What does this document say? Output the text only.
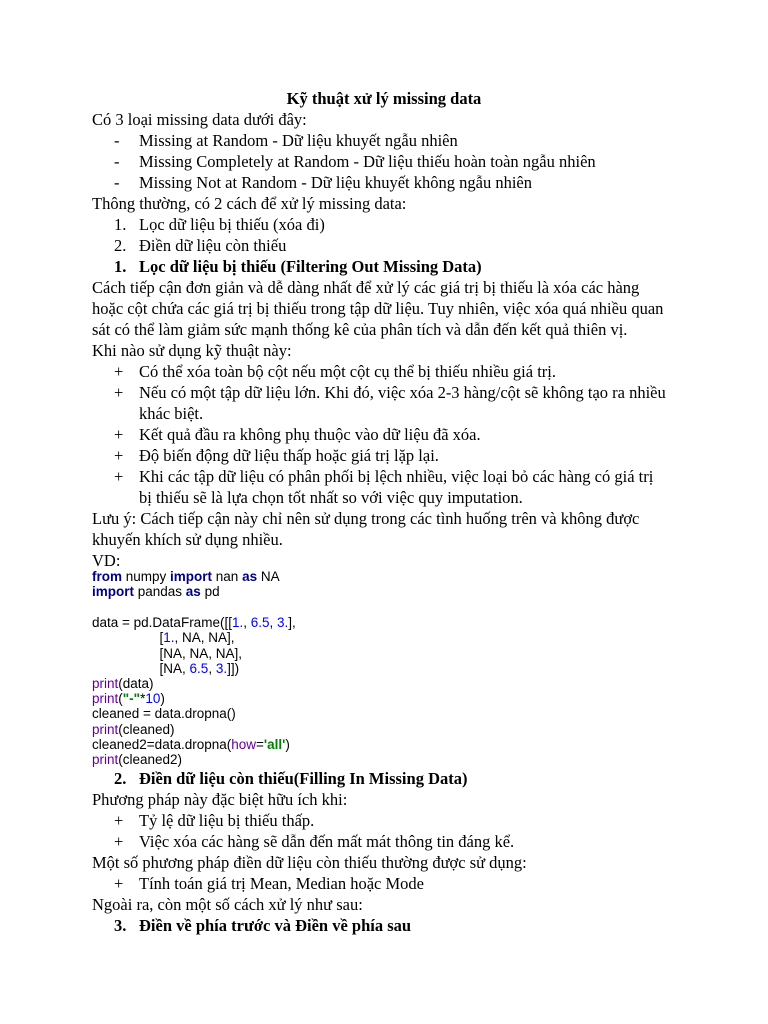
Kỹ thuật xử lý missing data
Có 3 loại missing data dưới đây:
-	Missing at Random - Dữ liệu khuyết ngẫu nhiên
-	Missing Completely at Random - Dữ liệu thiếu hoàn toàn ngẫu nhiên
-	Missing Not at Random - Dữ liệu khuyết không ngẫu nhiên
Thông thường, có 2 cách để xử lý missing data:
1. Lọc dữ liệu bị thiếu (xóa đi)
2. Điền dữ liệu còn thiếu
1. Lọc dữ liệu bị thiếu (Filtering Out Missing Data)
Cách tiếp cận đơn giản và dễ dàng nhất để xử lý các giá trị bị thiếu là xóa các hàng
hoặc cột chứa các giá trị bị thiếu trong tập dữ liệu. Tuy nhiên, việc xóa quá nhiều quan
sát có thể làm giảm sức mạnh thống kê của phân tích và dẫn đến kết quả thiên vị.
Khi nào sử dụng kỹ thuật này:
+ Có thể xóa toàn bộ cột nếu một cột cụ thể bị thiếu nhiều giá trị.
+ Nếu có một tập dữ liệu lớn. Khi đó, việc xóa 2-3 hàng/cột sẽ không tạo ra nhiều
khác biệt.
+ Kết quả đầu ra không phụ thuộc vào dữ liệu đã xóa.
+ Độ biến động dữ liệu thấp hoặc giá trị lặp lại.
+ Khi các tập dữ liệu có phân phối bị lệch nhiều, việc loại bỏ các hàng có giá trị
bị thiếu sẽ là lựa chọn tốt nhất so với việc quy imputation.
Lưu ý: Cách tiếp cận này chỉ nên sử dụng trong các tình huống trên và không được
khuyến khích sử dụng nhiều.
VD:
from numpy import nan as NA
import pandas as pd
data = pd.DataFrame([[1., 6.5, 3.],
[1., NA, NA],
[NA, NA, NA],
[NA, 6.5, 3.]])
print(data)
print("-"*10)
cleaned = data.dropna()
print(cleaned)
cleaned2=data.dropna(how='all')
print(cleaned2)
2. Điền dữ liệu còn thiếu(Filling In Missing Data)
Phương pháp này đặc biệt hữu ích khi:
+ Tỷ lệ dữ liệu bị thiếu thấp.
+ Việc xóa các hàng sẽ dẫn đến mất mát thông tin đáng kể.
Một số phương pháp điền dữ liệu còn thiếu thường được sử dụng:
+ Tính toán giá trị Mean, Median hoặc Mode
Ngoài ra, còn một số cách xử lý như sau:
3. Điền về phía trước và Điền về phía sau
